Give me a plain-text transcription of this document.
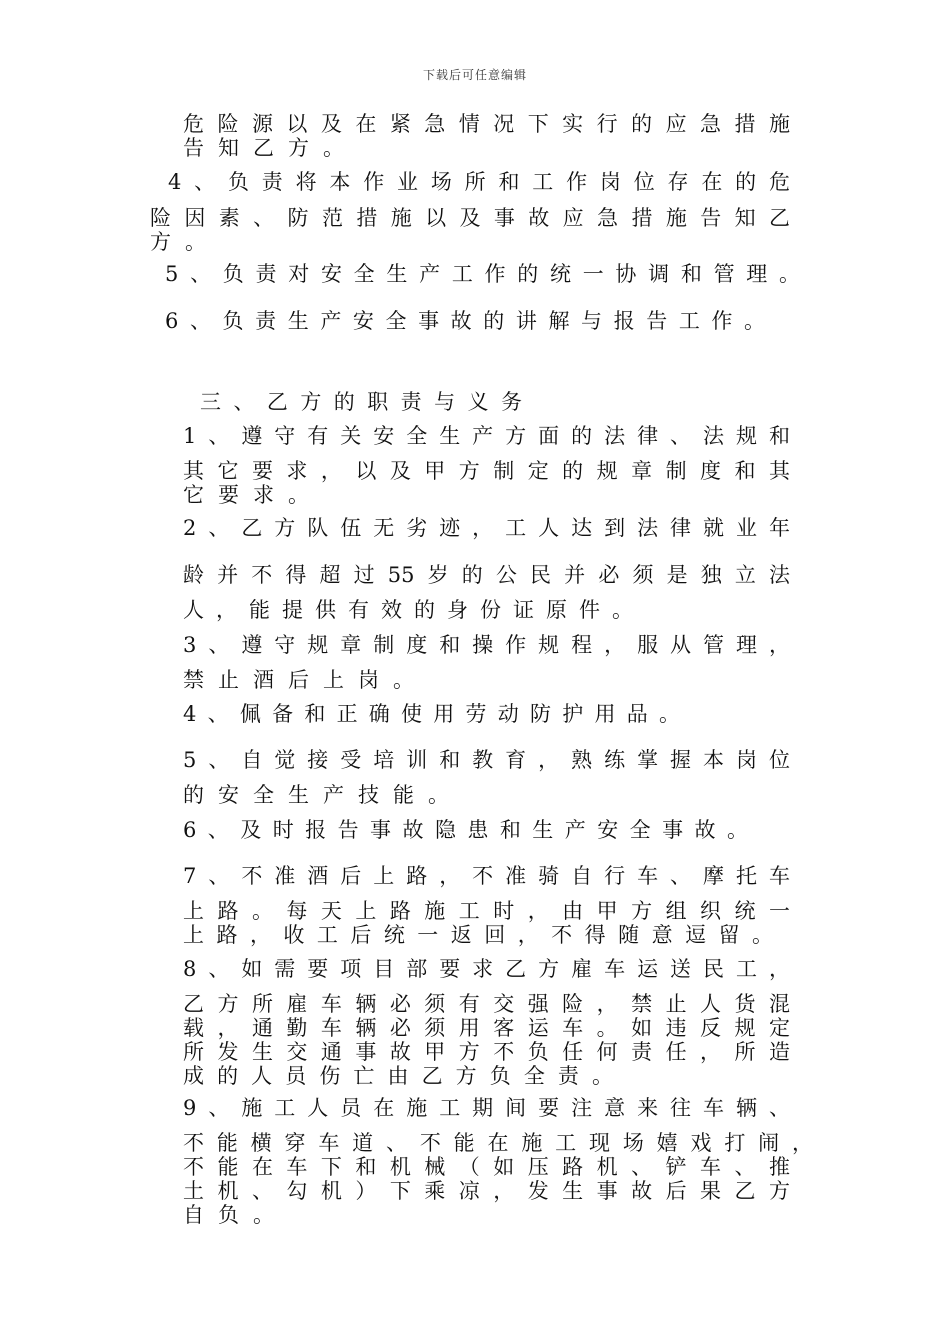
下载后可任意编辑
危险源以及在紧急情况下实行的应急措施
告知乙方。
4、负责将本作业场所和工作岗位存在的危
险因素、防范措施以及事故应急措施告知乙
方。
5、负责对安全生产工作的统一协调和管理。
6、负责生产安全事故的讲解与报告工作。
三、乙方的职责与义务
1、遵守有关安全生产方面的法律、法规和
其它要求，以及甲方制定的规章制度和其
它要求。
2、乙方队伍无劣迹，工人达到法律就业年
龄并不得超过55岁的公民并必须是独立法
人，能提供有效的身份证原件。
3、遵守规章制度和操作规程，服从管理，
禁止酒后上岗。
4、佩备和正确使用劳动防护用品。
5、自觉接受培训和教育，熟练掌握本岗位
的安全生产技能。
6、及时报告事故隐患和生产安全事故。
7、不准酒后上路，不准骑自行车、摩托车
上路。每天上路施工时，由甲方组织统一
上路，收工后统一返回，不得随意逗留。
8、如需要项目部要求乙方雇车运送民工，
乙方所雇车辆必须有交强险，禁止人货混
载，通勤车辆必须用客运车。如违反规定
所发生交通事故甲方不负任何责任，所造
成的人员伤亡由乙方负全责。
9、施工人员在施工期间要注意来往车辆、
不能横穿车道、不能在施工现场嬉戏打闹，
不能在车下和机械（如压路机、铲车、推
土机、勾机）下乘凉，发生事故后果乙方
自负。
